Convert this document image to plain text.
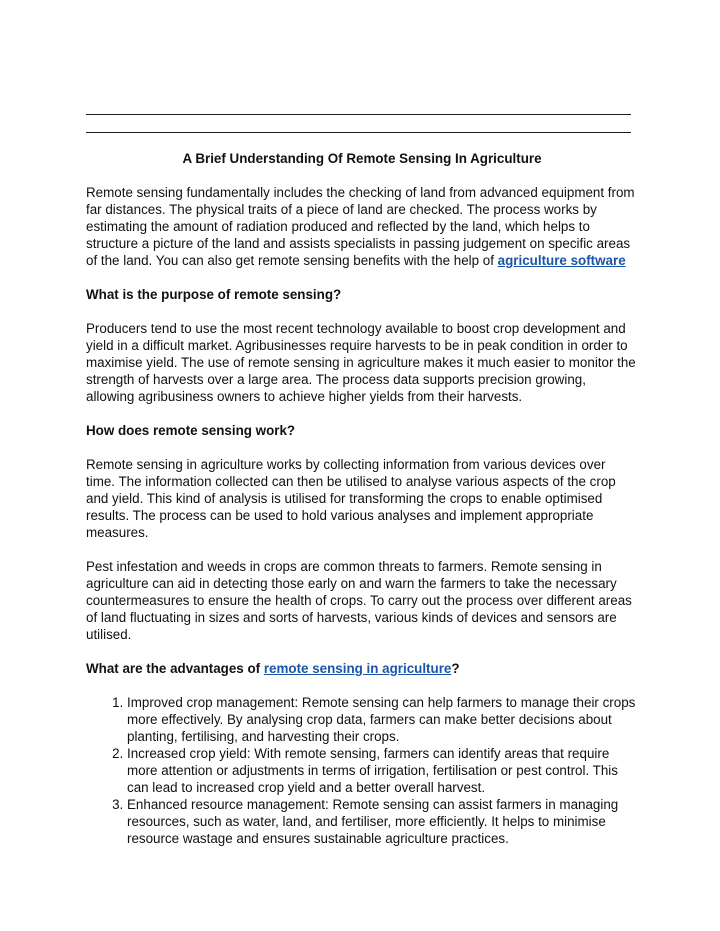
A Brief Understanding Of Remote Sensing In Agriculture

Remote sensing fundamentally includes the checking of land from advanced equipment from far distances. The physical traits of a piece of land are checked. The process works by estimating the amount of radiation produced and reflected by the land, which helps to structure a picture of the land and assists specialists in passing judgement on specific areas of the land. You can also get remote sensing benefits with the help of agriculture software

What is the purpose of remote sensing?

Producers tend to use the most recent technology available to boost crop development and yield in a difficult market. Agribusinesses require harvests to be in peak condition in order to maximise yield. The use of remote sensing in agriculture makes it much easier to monitor the strength of harvests over a large area. The process data supports precision growing, allowing agribusiness owners to achieve higher yields from their harvests.

How does remote sensing work?

Remote sensing in agriculture works by collecting information from various devices over time. The information collected can then be utilised to analyse various aspects of the crop and yield. This kind of analysis is utilised for transforming the crops to enable optimised results. The process can be used to hold various analyses and implement appropriate measures.

Pest infestation and weeds in crops are common threats to farmers. Remote sensing in agriculture can aid in detecting those early on and warn the farmers to take the necessary countermeasures to ensure the health of crops. To carry out the process over different areas of land fluctuating in sizes and sorts of harvests, various kinds of devices and sensors are utilised.

What are the advantages of remote sensing in agriculture?

1. Improved crop management: Remote sensing can help farmers to manage their crops more effectively. By analysing crop data, farmers can make better decisions about planting, fertilising, and harvesting their crops.
2. Increased crop yield: With remote sensing, farmers can identify areas that require more attention or adjustments in terms of irrigation, fertilisation or pest control. This can lead to increased crop yield and a better overall harvest.
3. Enhanced resource management: Remote sensing can assist farmers in managing resources, such as water, land, and fertiliser, more efficiently. It helps to minimise resource wastage and ensures sustainable agriculture practices.
